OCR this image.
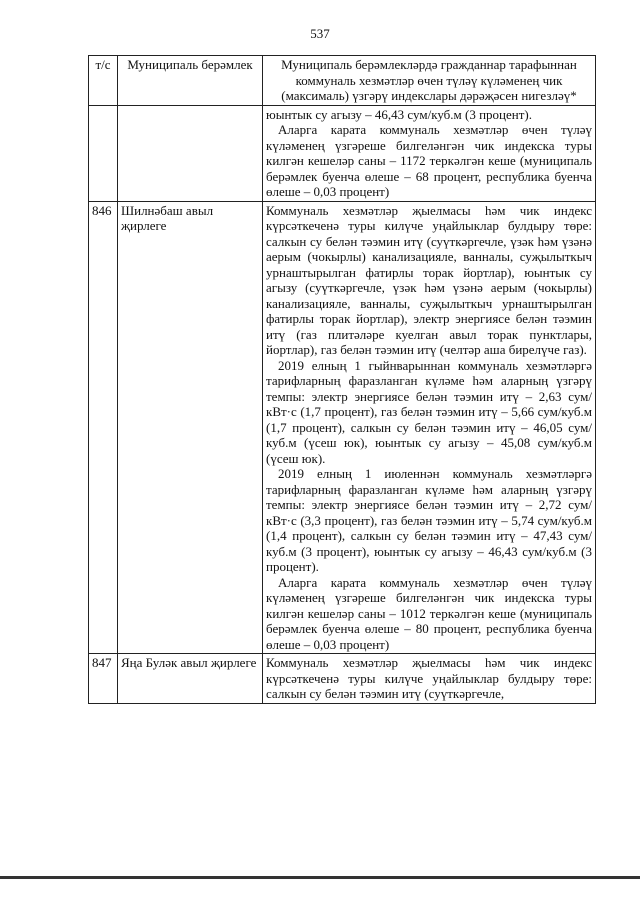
537
т/с	Муниципаль берәмлек	Муниципаль берәмлекләрдә гражданнар тарафыннан коммуналь хезмәтләр өчен түләү күләменең чик (максималь) үзгәрү индекслары дәрәҗәсен нигезләү*

		юынтык су агызу – 46,43 сум/куб.м (3 процент).

Аларга карата коммуналь хезмәтләр өчен түләү күләменең үзгәреше билгеләнгән чик индекска туры килгән кешеләр саны – 1172 теркәлгән кеше (муниципаль берәмлек буенча өлеше – 68 процент, республика буенча өлеше – 0,03 процент)

846	Шилнәбаш авыл җирлеге	Коммуналь хезмәтләр җыелмасы һәм чик индекс күрсәткеченә туры килүче уңайлыклар булдыру төре: салкын су белән тәэмин итү (суүткәргечле, үзәк һәм үзәнә аерым (чокырлы) канализацияле, ванналы, суҗылыткыч урнаштырылган фатирлы торак йортлар), юынтык су агызу (суүткәргечле, үзәк һәм үзәнә аерым (чокырлы) канализацияле, ванналы, суҗылыткыч урнаштырылган фатирлы торак йортлар), электр энергиясе белән тәэмин итү (газ плитәләре куелган авыл торак пунктлары, йортлар), газ белән тәэмин итү (челтәр аша бирелүче газ).

2019 елның 1 гыйнварыннан коммуналь хезмәтләргә тарифларның фаразланган күләме һәм аларның үзгәрү темпы: электр энергиясе белән тәэмин итү – 2,63 сум/кВт·с (1,7 процент), газ белән тәэмин итү – 5,66 сум/куб.м (1,7 процент), салкын су белән тәэмин итү – 46,05 сум/куб.м (үсеш юк), юынтык су агызу – 45,08 сум/куб.м (үсеш юк).

2019 елның 1 июленнән коммуналь хезмәтләргә тарифларның фаразланган күләме һәм аларның үзгәрү темпы: электр энергиясе белән тәэмин итү – 2,72 сум/кВт·с (3,3 процент), газ белән тәэмин итү – 5,74 сум/куб.м (1,4 процент), салкын су белән тәэмин итү – 47,43 сум/куб.м (3 процент), юынтык су агызу – 46,43 сум/куб.м (3 процент).

Аларга карата коммуналь хезмәтләр өчен түләү күләменең үзгәреше билгеләнгән чик индекска туры килгән кешеләр саны – 1012 теркәлгән кеше (муниципаль берәмлек буенча өлеше – 80 процент, республика буенча өлеше – 0,03 процент)

847	Яңа Буләк авыл җирлеге	Коммуналь хезмәтләр җыелмасы һәм чик индекс күрсәткеченә туры килүче уңайлыклар булдыру төре: салкын су белән тәэмин итү (суүткәргечле,
